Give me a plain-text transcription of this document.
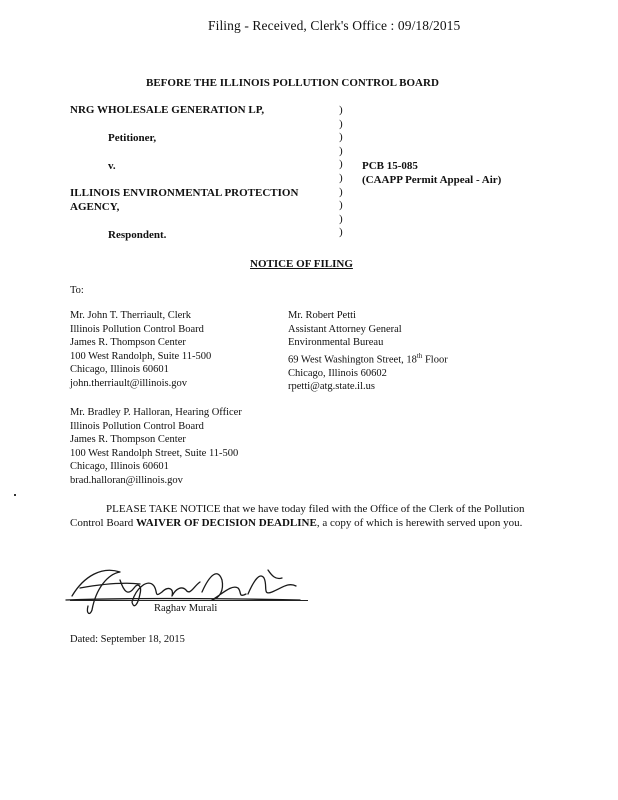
Filing - Received, Clerk's Office : 09/18/2015
BEFORE THE ILLINOIS POLLUTION CONTROL BOARD
NRG WHOLESALE GENERATION LP,
Petitioner,
v.
ILLINOIS ENVIRONMENTAL PROTECTION
AGENCY,
Respondent.
)
)
)
)
)
)
)
)
)
)
PCB 15-085
(CAAPP Permit Appeal - Air)
NOTICE OF FILING
To:
Mr. John T. Therriault, Clerk
Illinois Pollution Control Board
James R. Thompson Center
100 West Randolph, Suite 11-500
Chicago, Illinois 60601
john.therriault@illinois.gov
Mr. Robert Petti
Assistant Attorney General
Environmental Bureau
69 West Washington Street, 18th Floor
Chicago, Illinois 60602
rpetti@atg.state.il.us
Mr. Bradley P. Halloran, Hearing Officer
Illinois Pollution Control Board
James R. Thompson Center
100 West Randolph Street, Suite 11-500
Chicago, Illinois 60601
brad.halloran@illinois.gov
PLEASE TAKE NOTICE that we have today filed with the Office of the Clerk of the Pollution Control Board WAIVER OF DECISION DEADLINE, a copy of which is herewith served upon you.
Raghav Murali
Dated: September 18, 2015
